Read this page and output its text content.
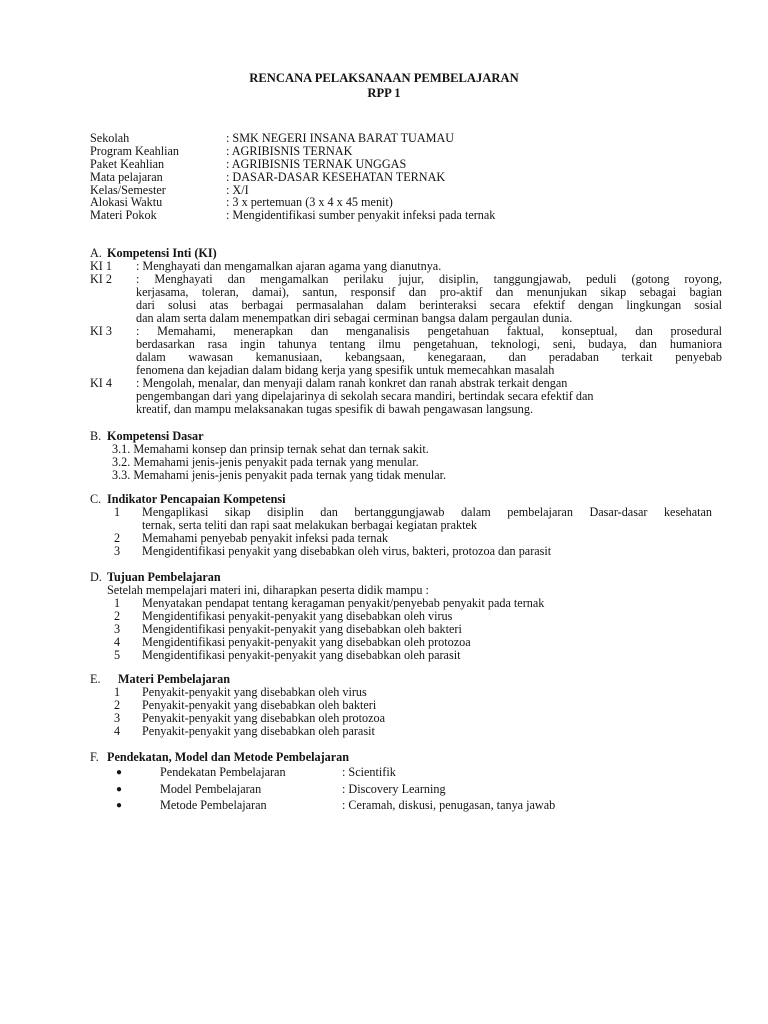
RENCANA PELAKSANAAN PEMBELAJARAN
RPP 1
Sekolah	: SMK NEGERI INSANA BARAT TUAMAU
Program Keahlian	: AGRIBISNIS TERNAK
Paket Keahlian	: AGRIBISNIS TERNAK UNGGAS
Mata pelajaran	: DASAR-DASAR KESEHATAN TERNAK
Kelas/Semester	: X/I
Alokasi Waktu	: 3 x pertemuan (3 x 4 x 45 menit)
Materi Pokok	: Mengidentifikasi sumber penyakit infeksi pada ternak
A. Kompetensi Inti (KI)
KI 1	: Menghayati dan mengamalkan ajaran agama yang dianutnya.
KI 2	: Menghayati dan mengamalkan perilaku jujur, disiplin, tanggungjawab, peduli (gotong royong,
kerjasama, toleran, damai), santun, responsif dan pro-aktif dan menunjukan sikap sebagai bagian
dari solusi atas berbagai permasalahan dalam berinteraksi secara efektif dengan lingkungan sosial
dan alam serta dalam menempatkan diri sebagai cerminan bangsa dalam pergaulan dunia.
KI 3	: Memahami, menerapkan dan menganalisis pengetahuan faktual, konseptual, dan prosedural
berdasarkan rasa ingin tahunya tentang ilmu pengetahuan, teknologi, seni, budaya, dan humaniora
dalam wawasan kemanusiaan, kebangsaan, kenegaraan, dan peradaban terkait penyebab
fenomena dan kejadian dalam bidang kerja yang spesifik untuk memecahkan masalah
KI 4	: Mengolah, menalar, dan menyaji dalam ranah konkret dan ranah abstrak terkait dengan
pengembangan dari yang dipelajarinya di sekolah secara mandiri, bertindak secara efektif dan
kreatif, dan mampu melaksanakan tugas spesifik di bawah pengawasan langsung.
B. Kompetensi Dasar
3.1. Memahami konsep dan prinsip ternak sehat dan ternak sakit.
3.2. Memahami jenis-jenis penyakit pada ternak yang menular.
3.3. Memahami jenis-jenis penyakit pada ternak yang tidak menular.
C. Indikator Pencapaian Kompetensi
1	Mengaplikasi sikap disiplin dan bertanggungjawab dalam pembelajaran Dasar-dasar kesehatan
ternak, serta teliti dan rapi saat melakukan berbagai kegiatan praktek
2	Memahami penyebab penyakit infeksi pada ternak
3	Mengidentifikasi penyakit yang disebabkan oleh virus, bakteri, protozoa dan parasit
D. Tujuan Pembelajaran
Setelah mempelajari materi ini, diharapkan peserta didik mampu :
1	Menyatakan pendapat tentang keragaman penyakit/penyebab penyakit pada ternak
2	Mengidentifikasi penyakit-penyakit yang disebabkan oleh virus
3	Mengidentifikasi penyakit-penyakit yang disebabkan oleh bakteri
4	Mengidentifikasi penyakit-penyakit yang disebabkan oleh protozoa
5	Mengidentifikasi penyakit-penyakit yang disebabkan oleh parasit
E.	Materi Pembelajaran
1	Penyakit-penyakit yang disebabkan oleh virus
2	Penyakit-penyakit yang disebabkan oleh bakteri
3	Penyakit-penyakit yang disebabkan oleh protozoa
4	Penyakit-penyakit yang disebabkan oleh parasit
F. Pendekatan, Model dan Metode Pembelajaran
●	Pendekatan Pembelajaran	: Scientifik
●	Model Pembelajaran	: Discovery Learning
●	Metode Pembelajaran	: Ceramah, diskusi, penugasan, tanya jawab
